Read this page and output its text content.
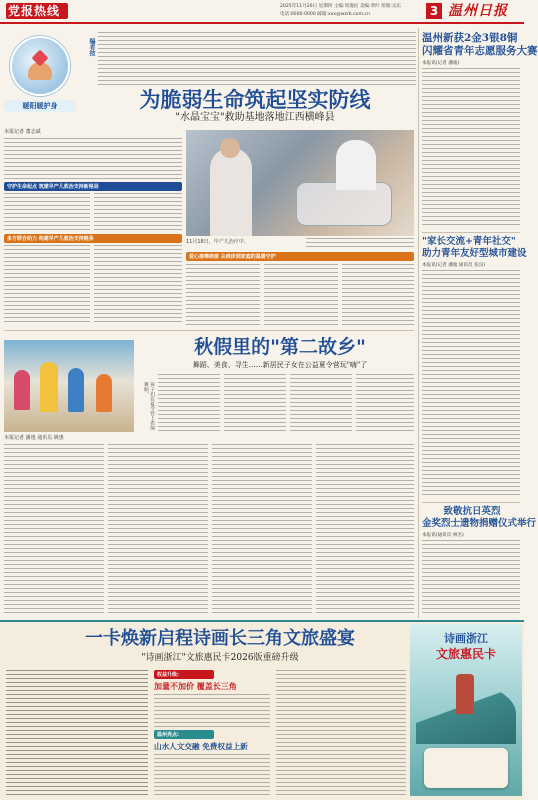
党报热线	2025年11月20日 星期四 主编:周逸民 美编:黄叶 组版:吴东
电话:0000-0000 邮箱:xxx@wzrb.com.cn	3 温州日报
暖阳暖护身
编者按
为脆弱生命筑起坚实防线
"水晶宝宝"救助基地落地江西横峰县
本报记者 董志斌
守护生命起点 筑建早产儿救治支持新格局
多方联合助力 构建早产儿救治支持链条	11月18日，早产儿治疗中。
爱心接棒续接 从病床到家庭的温暖守护
秋假里的"第二故乡"
舞蹈、美食、寻生……新居民子女在公益夏令营玩"嗨"了
孩子们在夏令营上表演舞蹈。
本报记者 潘逸 通讯员 姚惠
温州新获2金3银8铜
闪耀省青年志愿服务大赛
本报讯(记者 潘逸)
"家长交流+青年社交"
助力青年友好型城市建设
本报讯(记者 潘逸 通讯员 张良)
致敬抗日英烈
金奖烈士遗物捐赠仪式举行
本报讯(通讯员 林杰)
一卡焕新启程诗画长三角文旅盛宴
"诗画浙江"文旅惠民卡2026版重磅升级
权益升级:
加量不加价 覆盖长三角
温州亮点:
山水人文交融 免费权益上新
诗画浙江
文旅惠民卡
